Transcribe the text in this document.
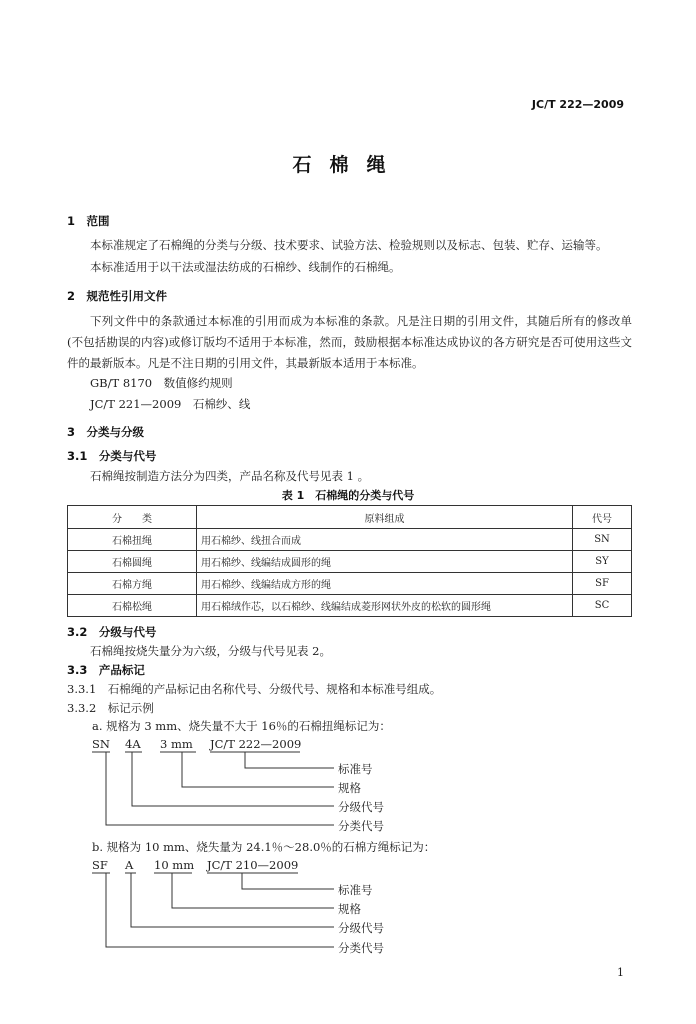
JC/T 222—2009
石棉绳
1　范围
本标准规定了石棉绳的分类与分级、技术要求、试验方法、检验规则以及标志、包装、贮存、运输等。
本标准适用于以干法或湿法纺成的石棉纱、线制作的石棉绳。
2　规范性引用文件
下列文件中的条款通过本标准的引用而成为本标准的条款。凡是注日期的引用文件，其随后所有的修改单(不包括勘误的内容)或修订版均不适用于本标准，然而，鼓励根据本标准达成协议的各方研究是否可使用这些文件的最新版本。凡是不注日期的引用文件，其最新版本适用于本标准。
GB/T 8170　数值修约规则
JC/T 221—2009　石棉纱、线
3　分类与分级
3.1　分类与代号
石棉绳按制造方法分为四类，产品名称及代号见表 1 。
表 1　石棉绳的分类与代号
分　　类	原料组成	代号
石棉扭绳	用石棉纱、线扭合而成	SN
石棉圆绳	用石棉纱、线编结成圆形的绳	SY
石棉方绳	用石棉纱、线编结成方形的绳	SF
石棉松绳	用石棉绒作芯，以石棉纱、线编结成菱形网状外皮的松软的圆形绳	SC
3.2　分级与代号
石棉绳按烧失量分为六级，分级与代号见表 2。
3.3　产品标记
3.3.1　石棉绳的产品标记由名称代号、分级代号、规格和本标准号组成。
3.3.2　标记示例
a. 规格为 3 mm、烧失量不大于 16％的石棉扭绳标记为：
SN 4A 3 mm JC/T 222—2009
标准号
规格
分级代号
分类代号
b. 规格为 10 mm、烧失量为 24.1％～28.0％的石棉方绳标记为：
SF A 10 mm JC/T 210—2009
标准号
规格
分级代号
分类代号
1
